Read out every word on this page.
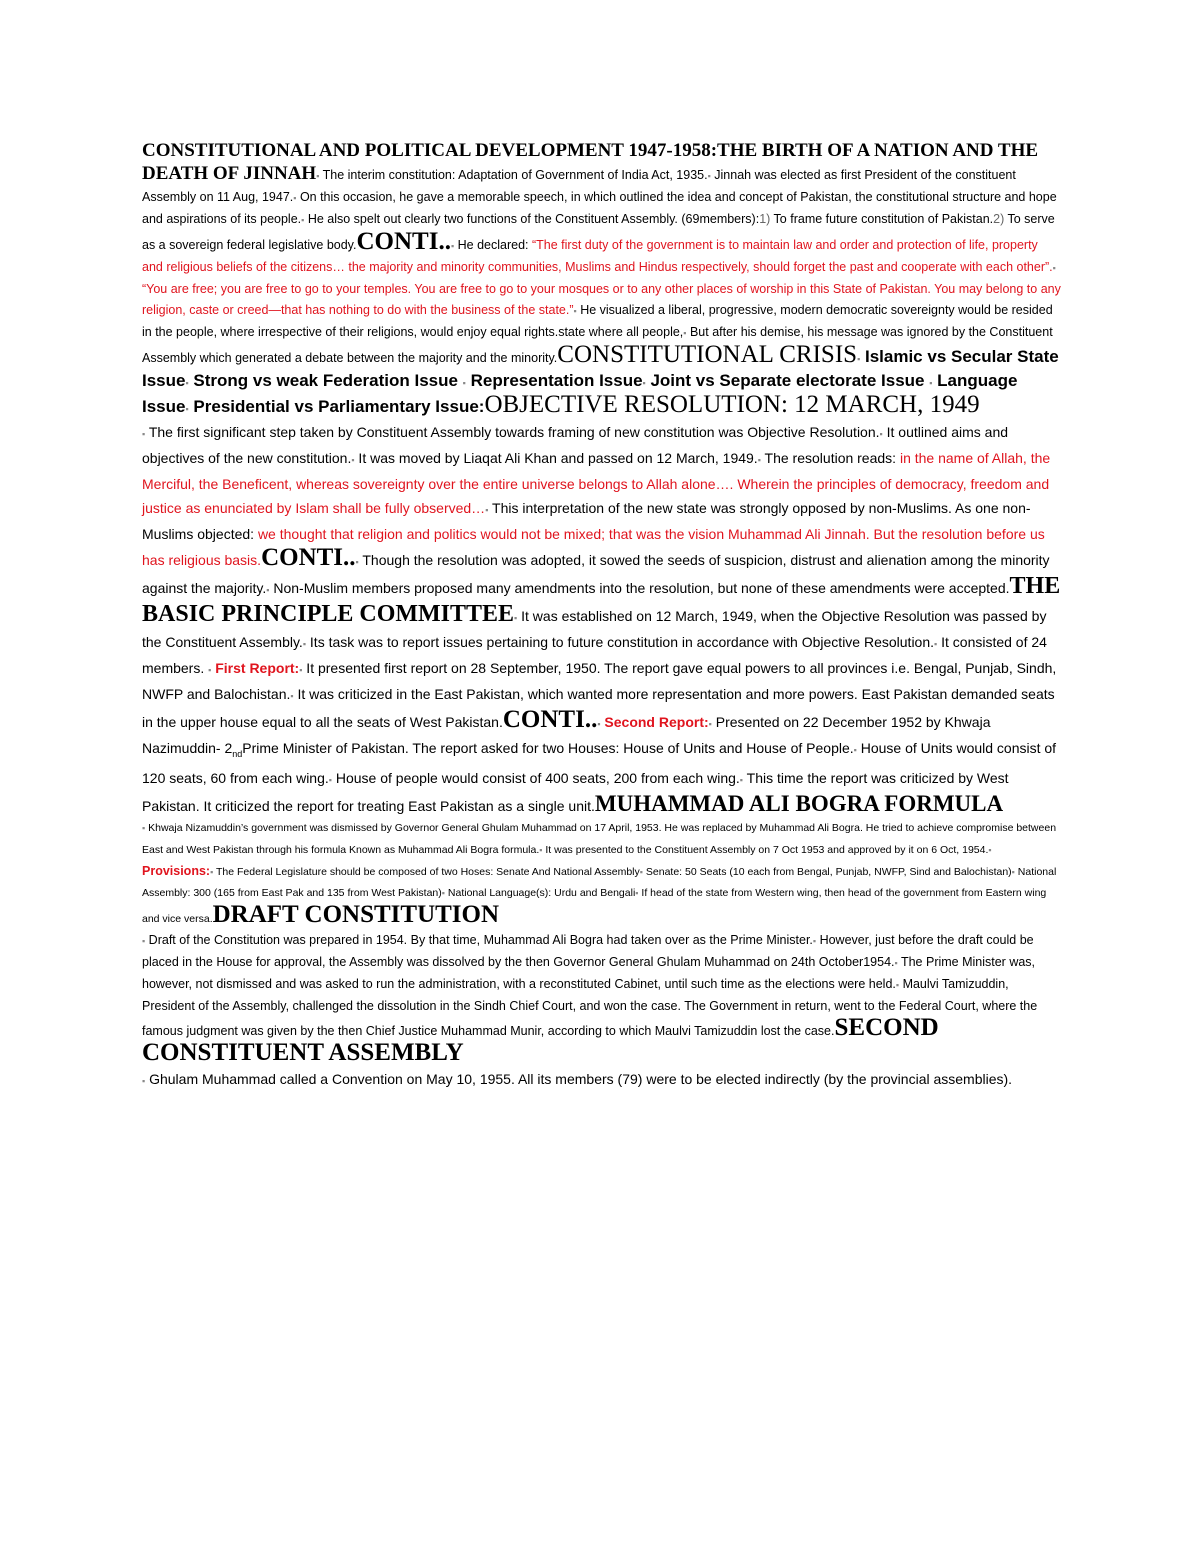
CONSTITUTIONAL AND POLITICAL DEVELOPMENT 1947-1958:THE BIRTH OF A NATION AND THE DEATH OF JINNAH▪ The interim constitution: Adaptation of Government of India Act, 1935.▪ Jinnah was elected as first President of the constituent Assembly on 11 Aug, 1947.▪ On this occasion, he gave a memorable speech, in which outlined the idea and concept of Pakistan, the constitutional structure and hope and aspirations of its people.▪ He also spelt out clearly two functions of the Constituent Assembly. (69members):1) To frame future constitution of Pakistan.2) To serve as a sovereign federal legislative body.CONTI..▪ He declared: “The first duty of the government is to maintain law and order and protection of life, property and religious beliefs of the citizens… the majority and minority communities, Muslims and Hindus respectively, should forget the past and cooperate with each other”.▪ “You are free; you are free to go to your temples. You are free to go to your mosques or to any other places of worship in this State of Pakistan. You may belong to any religion, caste or creed—that has nothing to do with the business of the state.”▪ He visualized a liberal, progressive, modern democratic sovereignty would be resided in the people, where irrespective of their religions, would enjoy equal rights.state where all people,▪ But after his demise, his message was ignored by the Constituent Assembly which generated a debate between the majority and the minority.CONSTITUTIONAL CRISIS▪ Islamic vs Secular State Issue▪ Strong vs weak Federation Issue ▪ Representation Issue▪ Joint vs Separate electorate Issue ▪ Language Issue▪ Presidential vs Parliamentary Issue:OBJECTIVE RESOLUTION: 12 MARCH, 1949

▪ The first significant step taken by Constituent Assembly towards framing of new constitution was Objective Resolution.▪ It outlined aims and objectives of the new constitution.▪ It was moved by Liaqat Ali Khan and passed on 12 March, 1949.▪ The resolution reads: in the name of Allah, the Merciful, the Beneficent, whereas sovereignty over the entire universe belongs to Allah alone…. Wherein the principles of democracy, freedom and justice as enunciated by Islam shall be fully observed…▪ This interpretation of the new state was strongly opposed by non-Muslims. As one non- Muslims objected: we thought that religion and politics would not be mixed; that was the vision Muhammad Ali Jinnah. But the resolution before us has religious basis.CONTI..▪ Though the resolution was adopted, it sowed the seeds of suspicion, distrust and alienation among the minority against the majority.▪ Non-Muslim members proposed many amendments into the resolution, but none of these amendments were accepted.THE BASIC PRINCIPLE COMMITTEE▪ It was established on 12 March, 1949, when the Objective Resolution was passed by the Constituent Assembly.▪ Its task was to report issues pertaining to future constitution in accordance with Objective Resolution.▪ It consisted of 24 members. ▪ First Report:▪ It presented first report on 28 September, 1950. The report gave equal powers to all provinces i.e. Bengal, Punjab, Sindh, NWFP and Balochistan.▪ It was criticized in the East Pakistan, which wanted more representation and more powers. East Pakistan demanded seats in the upper house equal to all the seats of West Pakistan.CONTI..▪ Second Report:▪ Presented on 22 December 1952 by Khwaja Nazimuddin- $2_{nd}Prime$ Minister of Pakistan. The report asked for two Houses: House of Units and House of People.▪ House of Units would consist of 120 seats, 60 from each wing.▪ House of people would consist of 400 seats, 200 from each wing.▪ This time the report was criticized by West Pakistan. It criticized the report for treating East Pakistan as a single unit.MUHAMMAD ALI BOGRA FORMULA

▪ Khwaja Nizamuddin’s government was dismissed by Governor General Ghulam Muhammad on 17 April, 1953. He was replaced by Muhammad Ali Bogra. He tried to achieve compromise between East and West Pakistan through his formula Known as Muhammad Ali Bogra formula.▪ It was presented to the Constituent Assembly on 7 Oct 1953 and approved by it on 6 Oct, 1954.▪ Provisions:▪ The Federal Legislature should be composed of two Hoses: Senate And National Assembly▪ Senate: 50 Seats (10 each from Bengal, Punjab, NWFP, Sind and Balochistan)▪ National Assembly: 300 (165 from East Pak and 135 from West Pakistan)▪ National Language(s): Urdu and Bengali▪ If head of the state from Western wing, then head of the government from Eastern wing and vice versa.DRAFT CONSTITUTION

▪ Draft of the Constitution was prepared in 1954. By that time, Muhammad Ali Bogra had taken over as the Prime Minister.▪ However, just before the draft could be placed in the House for approval, the Assembly was dissolved by the then Governor General Ghulam Muhammad on 24th October1954.▪ The Prime Minister was, however, not dismissed and was asked to run the administration, with a reconstituted Cabinet, until such time as the elections were held.▪ Maulvi Tamizuddin, President of the Assembly, challenged the dissolution in the Sindh Chief Court, and won the case. The Government in return, went to the Federal Court, where the famous judgment was given by the then Chief Justice Muhammad Munir, according to which Maulvi Tamizuddin lost the case.SECOND CONSTITUENT ASSEMBLY

▪ Ghulam Muhammad called a Convention on May 10, 1955. All its members (79) were to be elected indirectly (by the provincial assemblies).
